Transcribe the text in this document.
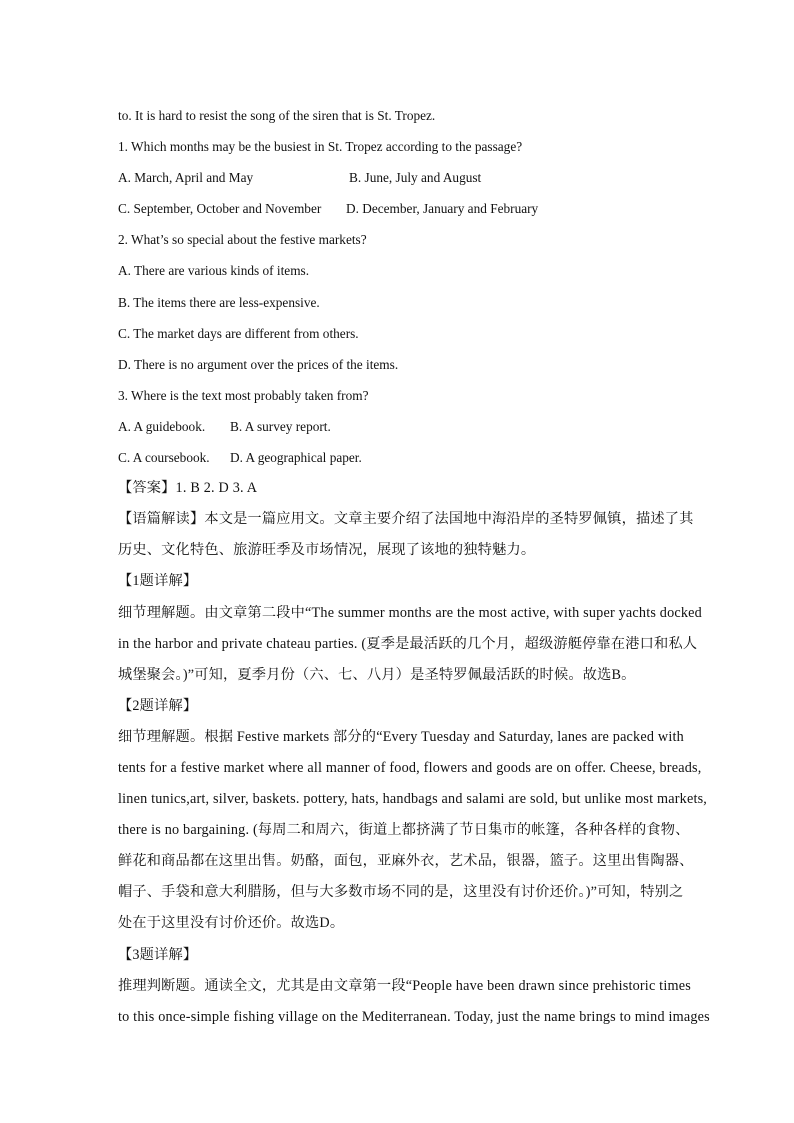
to. It is hard to resist the song of the siren that is St. Tropez.
1. Which months may be the busiest in St. Tropez according to the passage?
A. March, April and May	B. June, July and August
C. September, October and November D. December, January and February
2. What’s so special about the festive markets?
A. There are various kinds of items.
B. The items there are less-expensive.
C. The market days are different from others.
D. There is no argument over the prices of the items.
3. Where is the text most probably taken from?
A. A guidebook. B. A survey report.
C. A coursebook. D. A geographical paper.
【答案】1. B 2. D 3. A
【语篇解读】本文是一篇应用文。文章主要介绍了法国地中海沿岸的圣特罗佩镇，描述了其
历史、文化特色、旅游旺季及市场情况，展现了该地的独特魅力。
【1题详解】
细节理解题。由文章第二段中“The summer months are the most active, with super yachts docked
in the harbor and private chateau parties. (夏季是最活跃的几个月，超级游艇停靠在港口和私人
城堡聚会。)”可知，夏季月份（六、七、八月）是圣特罗佩最活跃的时候。故选B。
【2题详解】
细节理解题。根据 Festive markets 部分的“Every Tuesday and Saturday, lanes are packed with
tents for a festive market where all manner of food, flowers and goods are on offer. Cheese, breads,
linen tunics,art, silver, baskets. pottery, hats, handbags and salami are sold, but unlike most markets,
there is no bargaining. (每周二和周六，街道上都挤满了节日集市的帐篷，各种各样的食物、
鲜花和商品都在这里出售。奶酪，面包，亚麻外衣，艺术品，银器，篮子。这里出售陶器、
帽子、手袋和意大利腊肠，但与大多数市场不同的是，这里没有讨价还价。)”可知，特别之
处在于这里没有讨价还价。故选D。
【3题详解】
推理判断题。通读全文，尤其是由文章第一段“People have been drawn since prehistoric times
to this once-simple fishing village on the Mediterranean. Today, just the name brings to mind images
